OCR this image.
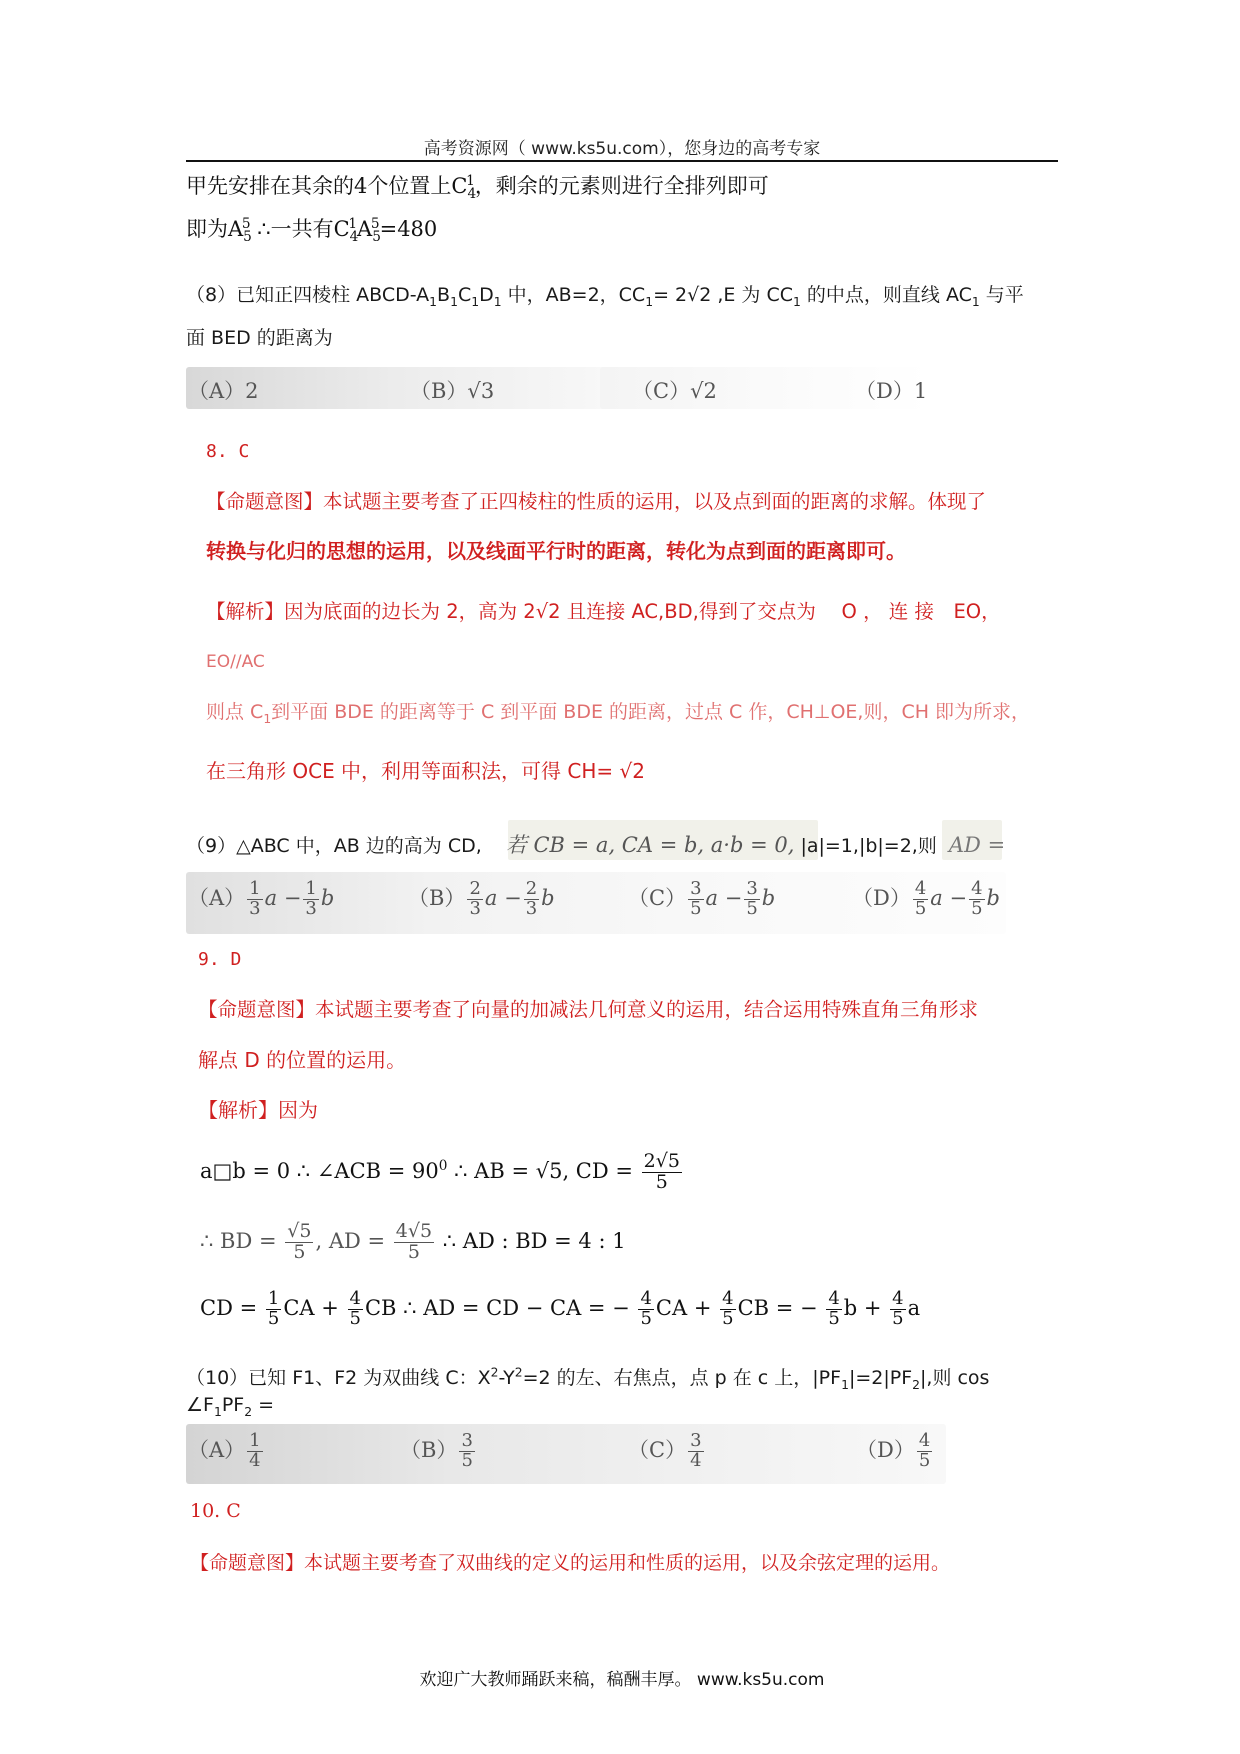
高考资源网（ www.ks5u.com），您身边的高考专家
甲先安排在其余的4个位置上$C_4^1$，剩余的元素则进行全排列即可
即为$A_5^5$ ∴一共有$C_4^1A_5^5=480$
（8）已知正四棱柱 ABCD-$A_1B_1C_1D_1$ 中，AB=2，$CC_1= 2√2$ ,E 为 $CC_1$ 的中点，则直线 $AC_1$ 与平
面 BED 的距离为
（A）2	（B）√3	（C）√2	（D）1
8. C
【命题意图】本试题主要考查了正四棱柱的性质的运用，以及点到面的距离的求解。体现了
转换与化归的思想的运用，以及线面平行时的距离，转化为点到面的距离即可。
【解析】因为底面的边长为 2，高为 2√2 且连接 AC,BD,得到了交点为　 O ， 连 接　EO，
EO//AC
则点 $C_1$到平面 BDE 的距离等于 C 到平面 BDE 的距离，过点 C 作，CH⊥OE,则，CH 即为所求，
在三角形 OCE 中，利用等面积法，可得 CH= √2
（9）△ABC 中，AB 边的高为 CD, 若 CB = a, CA = b, a·b = 0, |a|=1,|b|=2,则 AD =
$(A) \frac{1}{3}$ $a - \frac{1}{3}$ b	$(B) \frac{2}{3}$ $a - \frac{2}{3}$ b	$(C) \frac{3}{5}$ $a - \frac{3}{5}$ b	$(D) \frac{4}{5}$ $a - \frac{4}{5}$ b
9. D
【命题意图】本试题主要考查了向量的加减法几何意义的运用，结合运用特殊直角三角形求
解点 D 的位置的运用。
【解析】因为
a□b = 0 ∴ ∠ACB = $90^0$ ∴ AB = √5, CD = $\frac{2√5}{5}$
∴ BD = $\frac{√5}{5}$ , AD = $\frac{4√5}{5}$ ∴ AD : BD = 4 : 1
CD = $\frac{1}{5}$ CA + $\frac{4}{5}$ CB ∴ AD = CD − CA = − $\frac{4}{5}$ CA + $\frac{4}{5}$ CB = − $\frac{4}{5}$ $b + \frac{4}{5}$ a
（10）已知 F1、F2 为双曲线 C：$X^2-Y^2=2$ 的左、右焦点，点 p 在 c 上，$|PF_1|=2|PF_2|$,则 cos
$\angle F_1PF_2$ =
$(A) \frac{1}{4}$	$(B) \frac{3}{5}$	$(C) \frac{3}{4}$	$(D) \frac{4}{5}$
10. C
【命题意图】本试题主要考查了双曲线的定义的运用和性质的运用，以及余弦定理的运用。
欢迎广大教师踊跃来稿，稿酬丰厚。 www.ks5u.com
